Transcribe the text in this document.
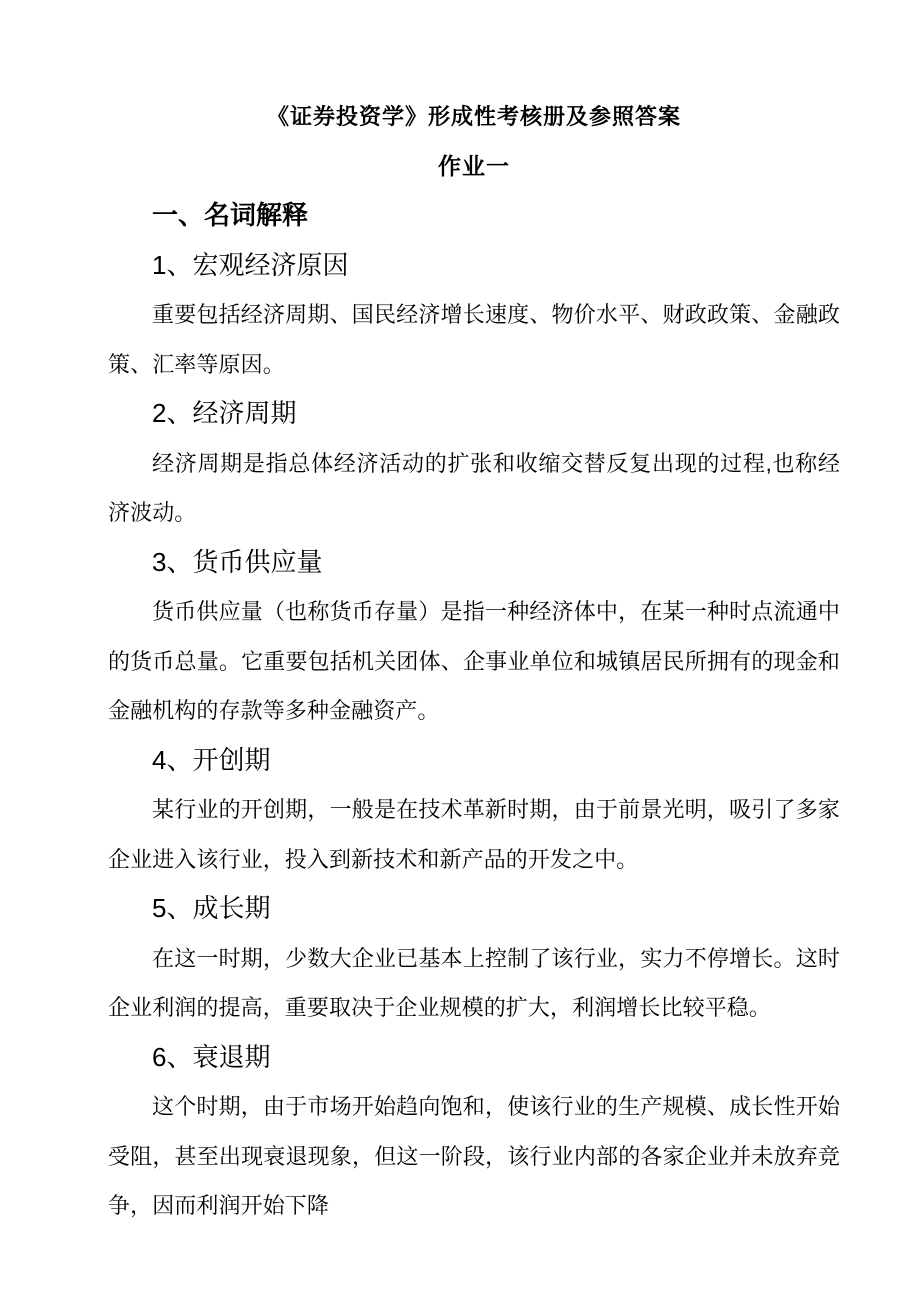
《证券投资学》形成性考核册及参照答案
作业一
一、名词解释

1、宏观经济原因

重要包括经济周期、国民经济增长速度、物价水平、财政政策、金融政策、汇率等原因。

2、经济周期

经济周期是指总体经济活动的扩张和收缩交替反复出现的过程,也称经济波动。

3、货币供应量

货币供应量（也称货币存量）是指一种经济体中，在某一种时点流通中的货币总量。它重要包括机关团体、企事业单位和城镇居民所拥有的现金和金融机构的存款等多种金融资产。

4、开创期

某行业的开创期，一般是在技术革新时期，由于前景光明，吸引了多家企业进入该行业，投入到新技术和新产品的开发之中。

5、成长期

在这一时期，少数大企业已基本上控制了该行业，实力不停增长。这时企业利润的提高，重要取决于企业规模的扩大，利润增长比较平稳。

6、衰退期

这个时期，由于市场开始趋向饱和，使该行业的生产规模、成长性开始受阻，甚至出现衰退现象，但这一阶段，该行业内部的各家企业并未放弃竞争，因而利润开始下降
